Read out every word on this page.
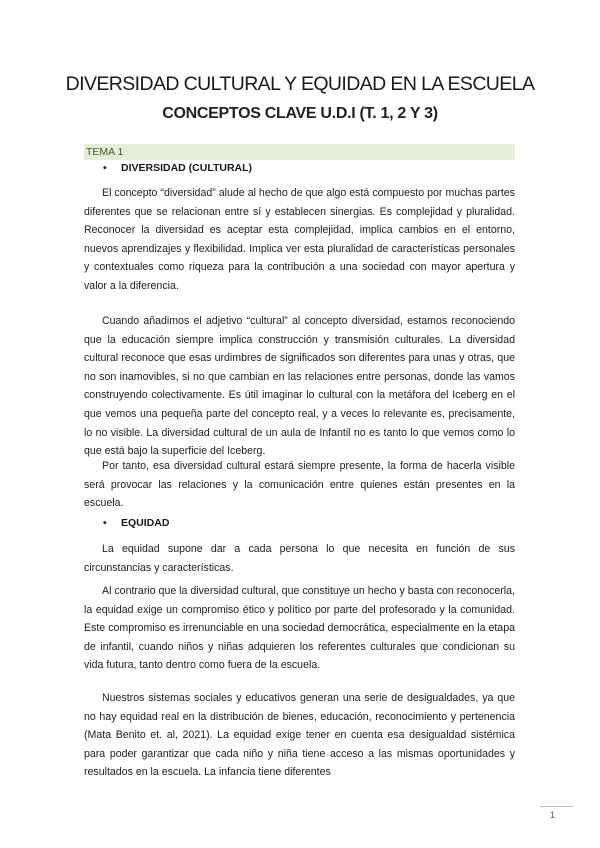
DIVERSIDAD CULTURAL Y EQUIDAD EN LA ESCUELA
CONCEPTOS CLAVE U.D.I (T. 1, 2 Y 3)
TEMA 1
• DIVERSIDAD (CULTURAL)

El concepto “diversidad” alude al hecho de que algo está compuesto por muchas partes diferentes que se relacionan entre sí y establecen sinergias. Es complejidad y pluralidad. Reconocer la diversidad es aceptar esta complejidad, implica cambios en el entorno, nuevos aprendizajes y flexibilidad. Implica ver esta pluralidad de características personales y contextuales como riqueza para la contribución a una sociedad con mayor apertura y valor a la diferencia.

Cuando añadimos el adjetivo “cultural” al concepto diversidad, estamos reconociendo que la educación siempre implica construcción y transmisión culturales. La diversidad cultural reconoce que esas urdimbres de significados son diferentes para unas y otras, que no son inamovibles, si no que cambian en las relaciones entre personas, donde las vamos construyendo colectivamente. Es útil imaginar lo cultural con la metáfora del Iceberg en el que vemos una pequeña parte del concepto real, y a veces lo relevante es, precisamente, lo no visible. La diversidad cultural de un aula de Infantil no es tanto lo que vemos como lo que está bajo la superficie del Iceberg.

Por tanto, esa diversidad cultural estará siempre presente, la forma de hacerla visible será provocar las relaciones y la comunicación entre quienes están presentes en la escuela.

• EQUIDAD

La equidad supone dar a cada persona lo que necesita en función de sus circunstancias y características.

Al contrario que la diversidad cultural, que constituye un hecho y basta con reconocerla, la equidad exige un compromiso ético y político por parte del profesorado y la comunidad. Este compromiso es irrenunciable en una sociedad democrática, especialmente en la etapa de infantil, cuando niños y niñas adquieren los referentes culturales que condicionan su vida futura, tanto dentro como fuera de la escuela.

Nuestros sistemas sociales y educativos generan una serie de desigualdades, ya que no hay equidad real en la distribución de bienes, educación, reconocimiento y pertenencia (Mata Benito et. al, 2021). La equidad exige tener en cuenta esa desigualdad sistémica para poder garantizar que cada niño y niña tiene acceso a las mismas oportunidades y resultados en la escuela. La infancia tiene diferentes

1
